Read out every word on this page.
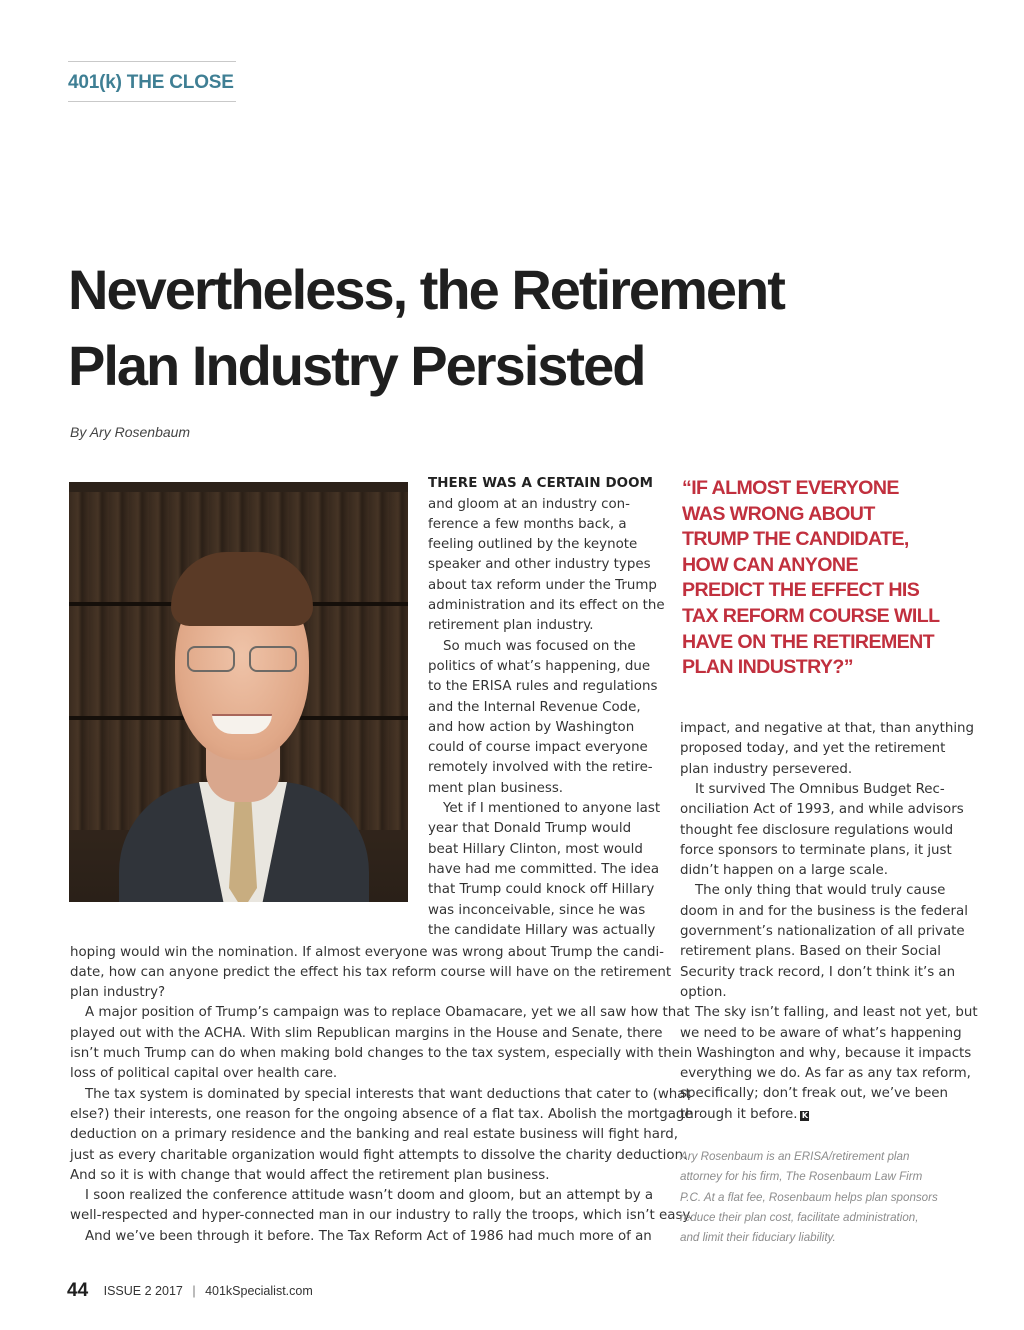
401(k) THE CLOSE
Nevertheless, the Retirement
Plan Industry Persisted
By Ary Rosenbaum
THERE WAS A CERTAIN DOOM
and gloom at an industry con-
ference a few months back, a
feeling outlined by the keynote
speaker and other industry types
about tax reform under the Trump
administration and its effect on the
retirement plan industry.
So much was focused on the
politics of what’s happening, due
to the ERISA rules and regulations
and the Internal Revenue Code,
and how action by Washington
could of course impact everyone
remotely involved with the retire-
ment plan business.
Yet if I mentioned to anyone last
year that Donald Trump would
beat Hillary Clinton, most would
have had me committed. The idea
that Trump could knock off Hillary
was inconceivable, since he was
the candidate Hillary was actually
hoping would win the nomination. If almost everyone was wrong about Trump the candi-
date, how can anyone predict the effect his tax reform course will have on the retirement
plan industry?
A major position of Trump’s campaign was to replace Obamacare, yet we all saw how that
played out with the ACHA. With slim Republican margins in the House and Senate, there
isn’t much Trump can do when making bold changes to the tax system, especially with the
loss of political capital over health care.
The tax system is dominated by special interests that want deductions that cater to (what
else?) their interests, one reason for the ongoing absence of a flat tax. Abolish the mortgage
deduction on a primary residence and the banking and real estate business will fight hard,
just as every charitable organization would fight attempts to dissolve the charity deduction.
And so it is with change that would affect the retirement plan business.
I soon realized the conference attitude wasn’t doom and gloom, but an attempt by a
well-respected and hyper-connected man in our industry to rally the troops, which isn’t easy.
And we’ve been through it before. The Tax Reform Act of 1986 had much more of an
impact, and negative at that, than anything
proposed today, and yet the retirement
plan industry persevered.
It survived The Omnibus Budget Rec-
onciliation Act of 1993, and while advisors
thought fee disclosure regulations would
force sponsors to terminate plans, it just
didn’t happen on a large scale.
The only thing that would truly cause
doom in and for the business is the federal
government’s nationalization of all private
retirement plans. Based on their Social
Security track record, I don’t think it’s an
option.
The sky isn’t falling, and least not yet, but
we need to be aware of what’s happening
in Washington and why, because it impacts
everything we do. As far as any tax reform,
specifically; don’t freak out, we’ve been
through it before. K
“IF ALMOST EVERYONE
WAS WRONG ABOUT
TRUMP THE CANDIDATE,
HOW CAN ANYONE
PREDICT THE EFFECT HIS
TAX REFORM COURSE WILL
HAVE ON THE RETIREMENT
PLAN INDUSTRY?”
Ary Rosenbaum is an ERISA/retirement plan
attorney for his firm, The Rosenbaum Law Firm
P.C. At a flat fee, Rosenbaum helps plan sponsors
reduce their plan cost, facilitate administration,
and limit their fiduciary liability.
44 ISSUE 2 2017 | 401kSpecialist.com
